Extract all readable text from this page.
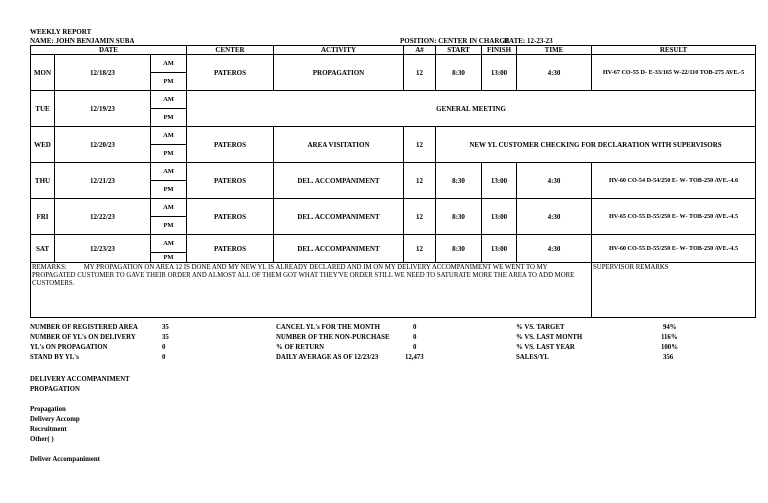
WEEKLY REPORT
NAME: JOHN BENJAMIN SUBA	POSITION: CENTER IN CHARGE
DATE: 12-23-23
DATE			CENTER	ACTIVITY	A#	START	FINISH	TIME	RESULT
MON	12/18/23	AM	PATEROS	PROPAGATION	12	8:30	13:00	4:30	HV-67 CO-55 D- E-33/165 W-22/110 TOB-275 AVE.-5
		PM							
TUE	12/19/23	AM	GENERAL MEETING						
		PM							
WED	12/20/23	AM	PATEROS	AREA VISITATION	12	NEW YL CUSTOMER CHECKING FOR DECLARATION WITH SUPERVISORS			
		PM							
THU	12/21/23	AM	PATEROS	DEL. ACCOMPANIMENT	12	8:30	13:00	4:30	HV-60 CO-54 D-54/250 E- W- TOB-250 AVE.-4.6
		PM							
FRI	12/22/23	AM	PATEROS	DEL. ACCOMPANIMENT	12	8:30	13:00	4:30	HV-65 CO-55 D-55/250 E- W- TOB-250 AVE.-4.5
		PM							
SAT	12/23/23	AM	PATEROS	DEL. ACCOMPANIMENT	12	8:30	13:00	4:30	HV-60 CO-55 D-55/250 E- W- TOB-250 AVE.-4.5
		PM							
REMARKS: MY PROPAGATION ON AREA 12 IS DONE AND MY NEW YL IS ALREADY DECLARED AND IM ON MY DELIVERY ACCOMPANIMENT WE WENT TO MY PROPAGATED CUSTOMER TO GAVE THEIR ORDER AND ALMOST ALL OF THEM GOT WHAT THEY'VE ORDER STILL WE NEED TO SATURATE MORE THE AREA TO ADD MORE CUSTOMERS.									SUPERVISOR REMARKS
NUMBER OF REGISTERED AREA	35
NUMBER OF YL's ON DELIVERY	35
YL's ON PROPAGATION	0
STAND BY YL's	0
CANCEL YL's FOR THE MONTH	0
NUMBER OF THE NON-PURCHASE	0
% OF RETURN	0
DAILY AVERAGE AS OF 12/23/23	12,473
% VS. TARGET	94%
% VS. LAST MONTH	116%
% VS. LAST YEAR	100%
SALES/YL	356
DELIVERY ACCOMPANIMENT
PROPAGATION
Propagation
Delivery Accomp
Recruitment
Other( )
Deliver Accompaniment
